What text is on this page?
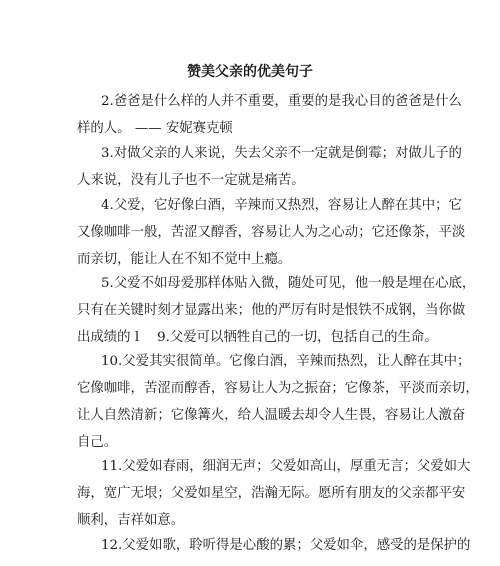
赞美父亲的优美句子
2.爸爸是什么样的人并不重要，重要的是我心目的爸爸是什么
样的人。 —— 安妮赛克顿
3.对做父亲的人来说，失去父亲不一定就是倒霉；对做儿子的
人来说，没有儿子也不一定就是痛苦。
4.父爱，它好像白酒，辛辣而又热烈，容易让人醉在其中；它
又像咖啡一般，苦涩又醇香，容易让人为之心动；它还像茶，平淡
而亲切，能让人在不知不觉中上瘾。
5.父爱不如母爱那样体贴入微，随处可见，他一般是埋在心底，
只有在关键时刻才显露出来；他的严厉有时是恨铁不成钢，当你做
出成绩的 l 9.父爱可以牺牲自己的一切，包括自己的生命。
10.父爱其实很简单。它像白酒，辛辣而热烈，让人醉在其中；
它像咖啡，苦涩而醇香，容易让人为之振奋；它像茶，平淡而亲切，
让人自然清新；它像篝火，给人温暖去却令人生畏，容易让人激奋
自己。
11.父爱如春雨，细润无声；父爱如高山，厚重无言；父爱如大
海，宽广无垠；父爱如星空，浩瀚无际。愿所有朋友的父亲都平安
顺利，吉祥如意。
12.父爱如歌，聆听得是心酸的累；父爱如伞，感受的是保护的
